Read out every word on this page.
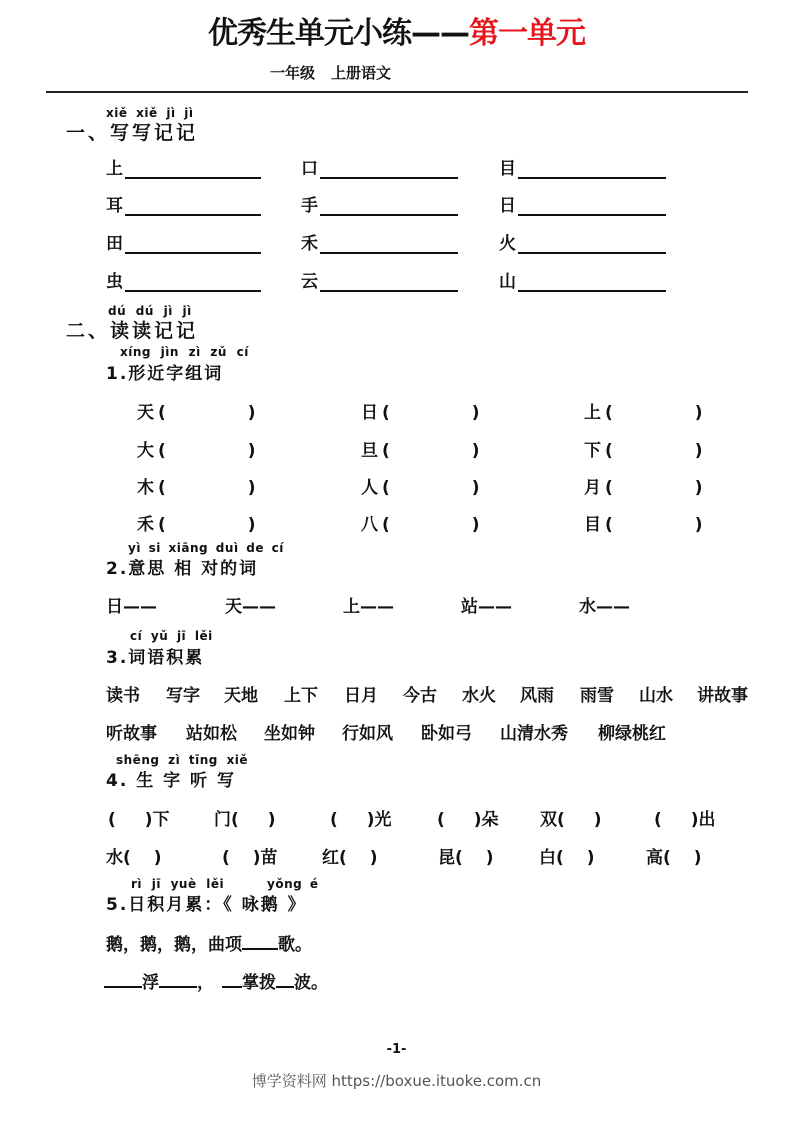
优秀生单元小练——第一单元
一年级 上册语文
xiě xiě jì jì
一、写写记记
上	口	目
耳	手	日
田	禾	火
虫	云	山
dú dú jì jì
二、读读记记
xíng jìn zì zǔ cí
1.形近字组词
天 (	)	日 (	)	上 (	)
大 (	)	旦 (	)	下 (	)
木 (	)	人 (	)	月 (	)
禾 (	)	八 (	)	目 (	)
yì si xiāng duì de cí
2.意思 相 对的词
日——	天——	上——	站——	水——
cí yǔ jī lěi
3.词语积累
读书 写字 天地 上下 日月 今古 水火 风雨 雨雪 山水 讲故事
听故事 站如松 坐如钟 行如风 卧如弓 山清水秀 柳绿桃红
shēng zì tīng xiě
4. 生 字 听 写
(　 )下	门(　 )	(　 )光	(　 )朵 双(　 )	(　 )出
水(　 )	(　 )苗	红(　 )	昆(　 )	白(　 )	高(　 )
rì jī yuè lěi	yǒng é
5.日积月累：《 咏鹅 》
鹅，鹅，鹅，曲项 歌。
浮 ， 掌拨 波。
-1-
博学资料网 https://boxue.ituoke.com.cn
